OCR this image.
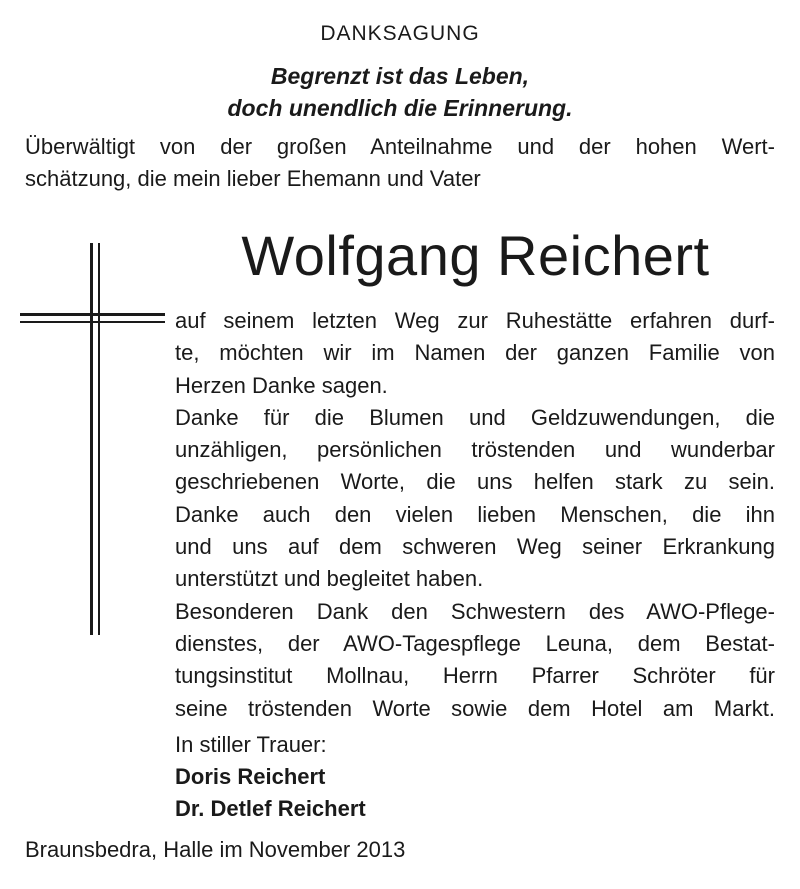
DANKSAGUNG
Begrenzt ist das Leben,
doch unendlich die Erinnerung.
Überwältigt von der großen Anteilnahme und der hohen Wert-
schätzung, die mein lieber Ehemann und Vater
Wolfgang Reichert
auf seinem letzten Weg zur Ruhestätte erfahren durf-
te, möchten wir im Namen der ganzen Familie von
Herzen Danke sagen.
Danke für die Blumen und Geldzuwendungen, die
unzähligen, persönlichen tröstenden und wunderbar
geschriebenen Worte, die uns helfen stark zu sein.
Danke auch den vielen lieben Menschen, die ihn
und uns auf dem schweren Weg seiner Erkrankung
unterstützt und begleitet haben.
Besonderen Dank den Schwestern des AWO-Pflege-
dienstes, der AWO-Tagespflege Leuna, dem Bestat-
tungsinstitut Mollnau, Herrn Pfarrer Schröter für
seine tröstenden Worte sowie dem Hotel am Markt.
In stiller Trauer:
Doris Reichert
Dr. Detlef Reichert
Braunsbedra, Halle im November 2013
